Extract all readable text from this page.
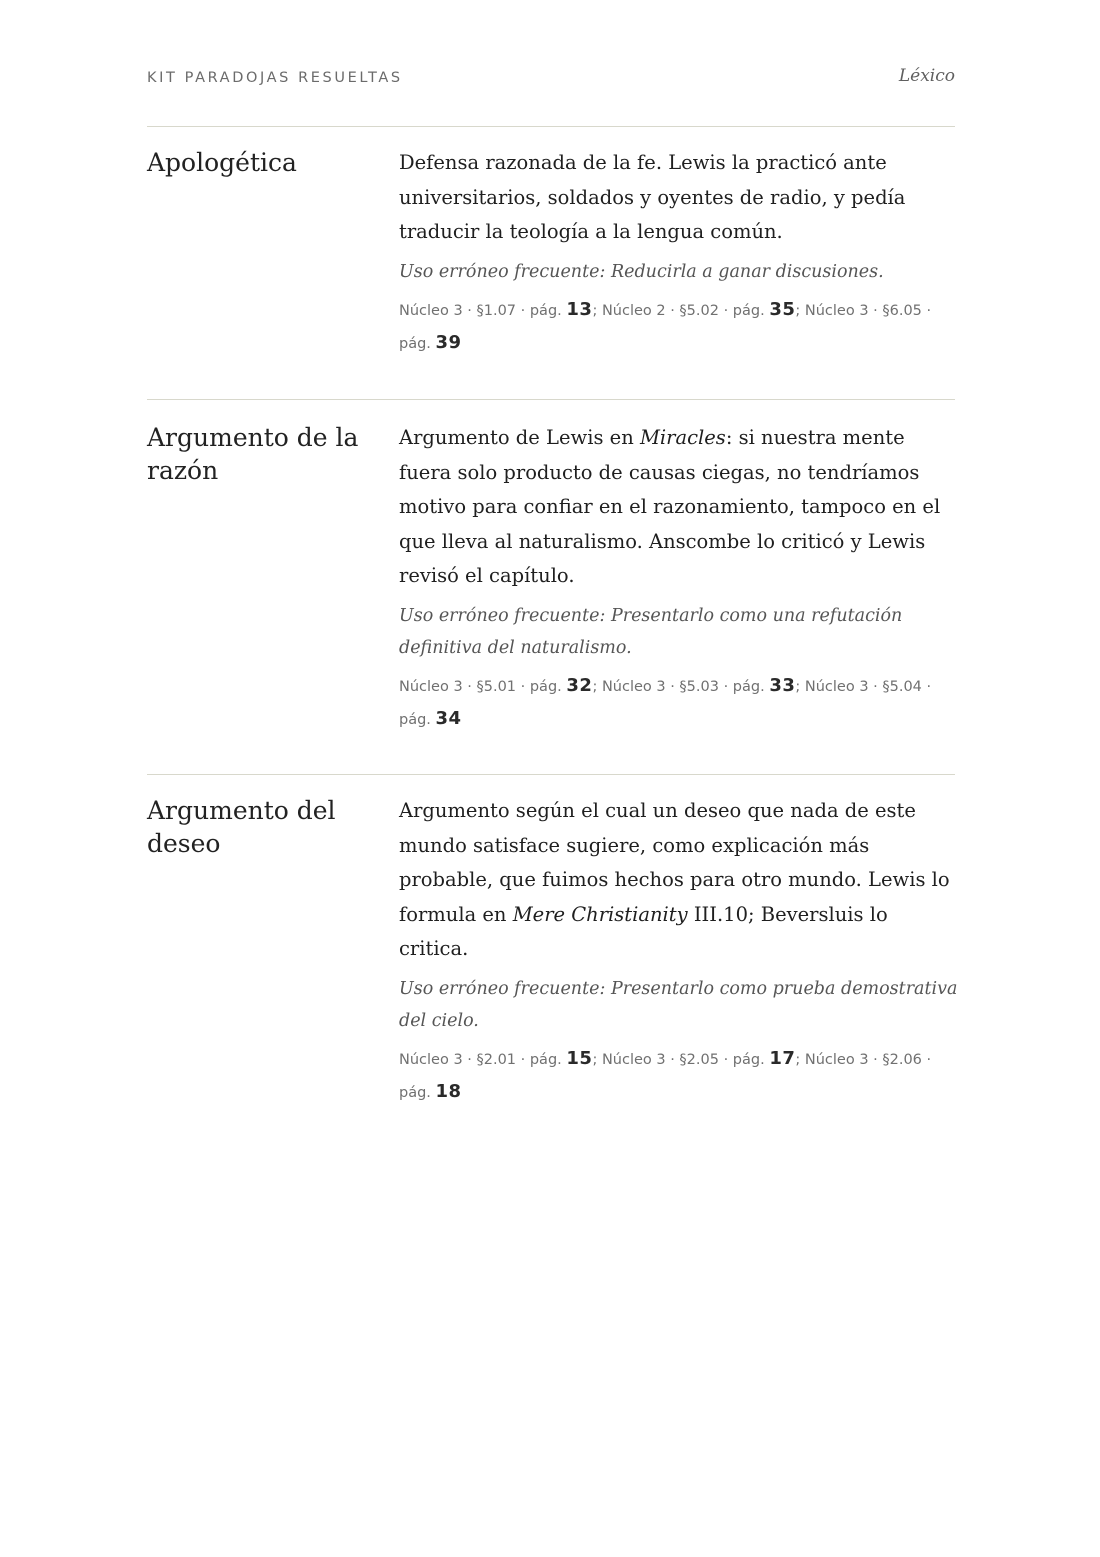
KIT PARADOJAS RESUELTAS	Léxico
Apologética	Defensa razonada de la fe. Lewis la practicó ante universitarios, soldados y oyentes de radio, y pedía traducir la teología a la lengua común.

Uso erróneo frecuente: Reducirla a ganar discusiones.

Núcleo 3 · §1.07 · pág. 13; Núcleo 2 · §5.02 · pág. 35; Núcleo 3 · §6.05 · pág. 39

Argumento de la razón

Argumento de Lewis en Miracles: si nuestra mente fuera solo producto de causas ciegas, no tendríamos motivo para confiar en el razonamiento, tampoco en el que lleva al naturalismo. Anscombe lo criticó y Lewis revisó el capítulo.

Uso erróneo frecuente: Presentarlo como una refutación definitiva del naturalismo.

Núcleo 3 · §5.01 · pág. 32; Núcleo 3 · §5.03 · pág. 33; Núcleo 3 · §5.04 · pág. 34

Argumento del deseo

Argumento según el cual un deseo que nada de este mundo satisface sugiere, como explicación más probable, que fuimos hechos para otro mundo. Lewis lo formula en Mere Christianity III.10; Beversluis lo critica.

Uso erróneo frecuente: Presentarlo como prueba demostrativa del cielo.

Núcleo 3 · §2.01 · pág. 15; Núcleo 3 · §2.05 · pág. 17; Núcleo 3 · §2.06 · pág. 18
